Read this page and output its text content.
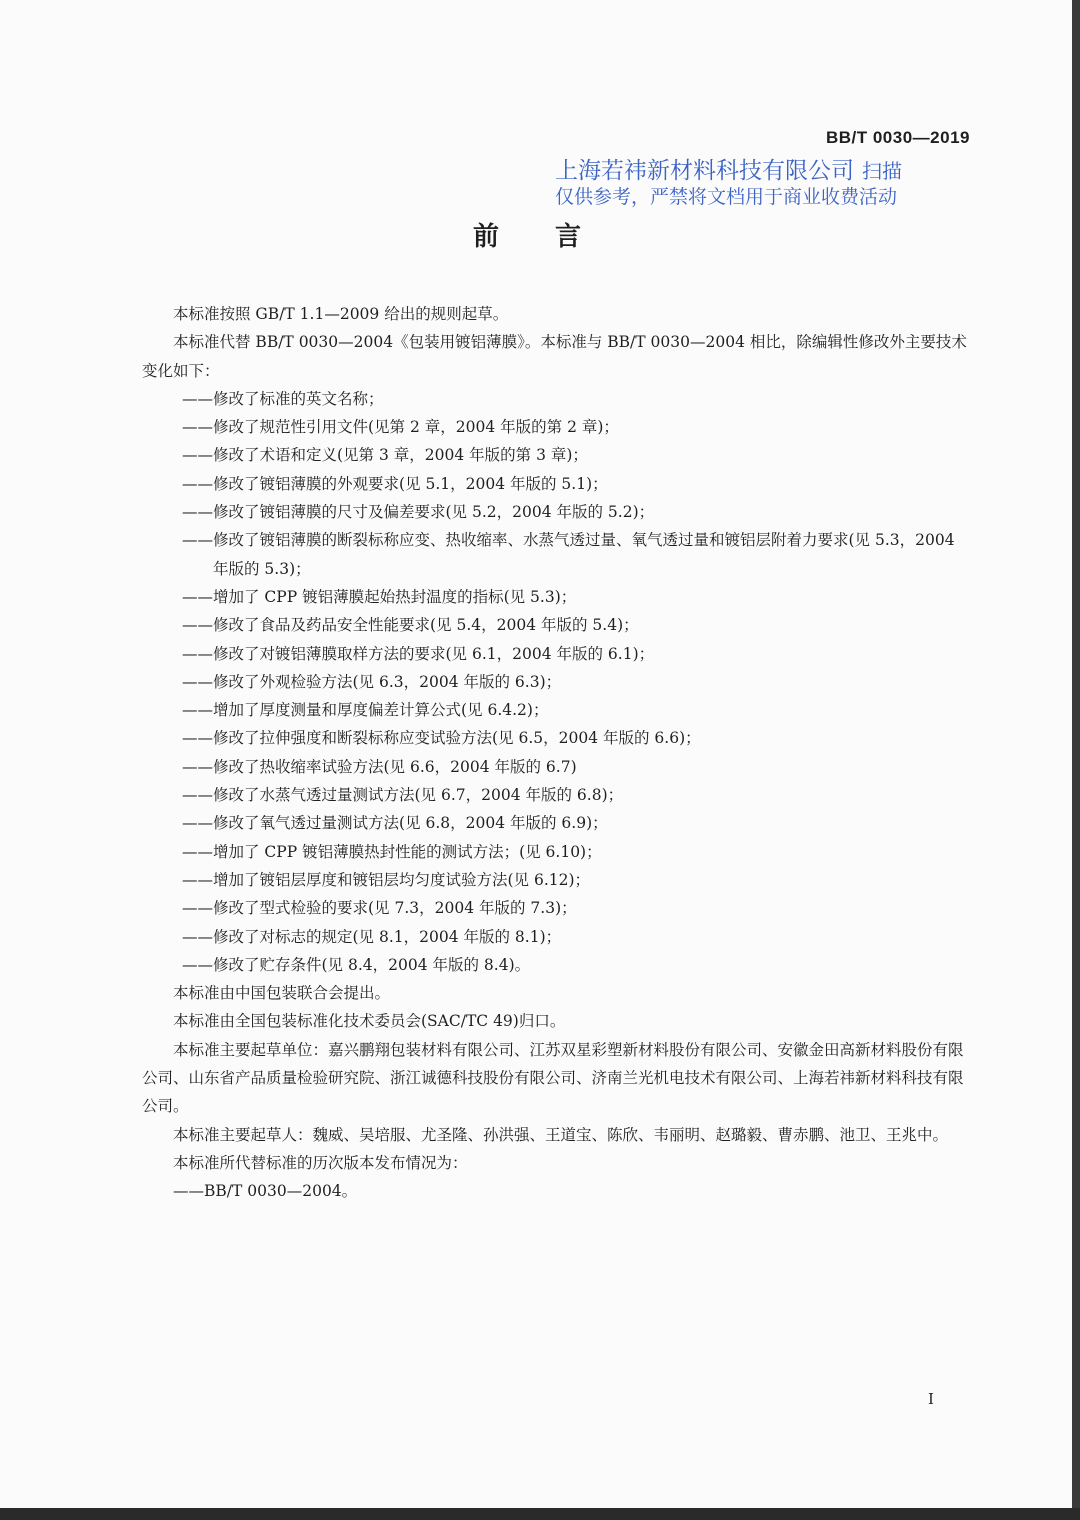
BB/T 0030—2019
上海若祎新材料科技有限公司 扫描
仅供参考，严禁将文档用于商业收费活动
前言

本标准按照 GB/T 1.1—2009 给出的规则起草。

本标准代替 BB/T 0030—2004《包装用镀铝薄膜》。本标准与 BB/T 0030—2004 相比，除编辑性修改外主要技术变化如下：

——修改了标准的英文名称；

——修改了规范性引用文件(见第 2 章，2004 年版的第 2 章)；

——修改了术语和定义(见第 3 章，2004 年版的第 3 章)；

——修改了镀铝薄膜的外观要求(见 5.1，2004 年版的 5.1)；

——修改了镀铝薄膜的尺寸及偏差要求(见 5.2，2004 年版的 5.2)；

——修改了镀铝薄膜的断裂标称应变、热收缩率、水蒸气透过量、氧气透过量和镀铝层附着力要求(见 5.3，2004 年版的 5.3)；

——增加了 CPP 镀铝薄膜起始热封温度的指标(见 5.3)；

——修改了食品及药品安全性能要求(见 5.4，2004 年版的 5.4)；

——修改了对镀铝薄膜取样方法的要求(见 6.1，2004 年版的 6.1)；

——修改了外观检验方法(见 6.3，2004 年版的 6.3)；

——增加了厚度测量和厚度偏差计算公式(见 6.4.2)；

——修改了拉伸强度和断裂标称应变试验方法(见 6.5，2004 年版的 6.6)；

——修改了热收缩率试验方法(见 6.6，2004 年版的 6.7)

——修改了水蒸气透过量测试方法(见 6.7，2004 年版的 6.8)；

——修改了氧气透过量测试方法(见 6.8，2004 年版的 6.9)；

——增加了 CPP 镀铝薄膜热封性能的测试方法；(见 6.10)；

——增加了镀铝层厚度和镀铝层均匀度试验方法(见 6.12)；

——修改了型式检验的要求(见 7.3，2004 年版的 7.3)；

——修改了对标志的规定(见 8.1，2004 年版的 8.1)；

——修改了贮存条件(见 8.4，2004 年版的 8.4)。

本标准由中国包装联合会提出。

本标准由全国包装标准化技术委员会(SAC/TC 49)归口。

本标准主要起草单位：嘉兴鹏翔包装材料有限公司、江苏双星彩塑新材料股份有限公司、安徽金田高新材料股份有限公司、山东省产品质量检验研究院、浙江诚德科技股份有限公司、济南兰光机电技术有限公司、上海若祎新材料科技有限公司。

本标准主要起草人：魏威、吴培服、尤圣隆、孙洪强、王道宝、陈欣、韦丽明、赵璐毅、曹赤鹏、池卫、王兆中。

本标准所代替标准的历次版本发布情况为：

——BB/T 0030—2004。

I
